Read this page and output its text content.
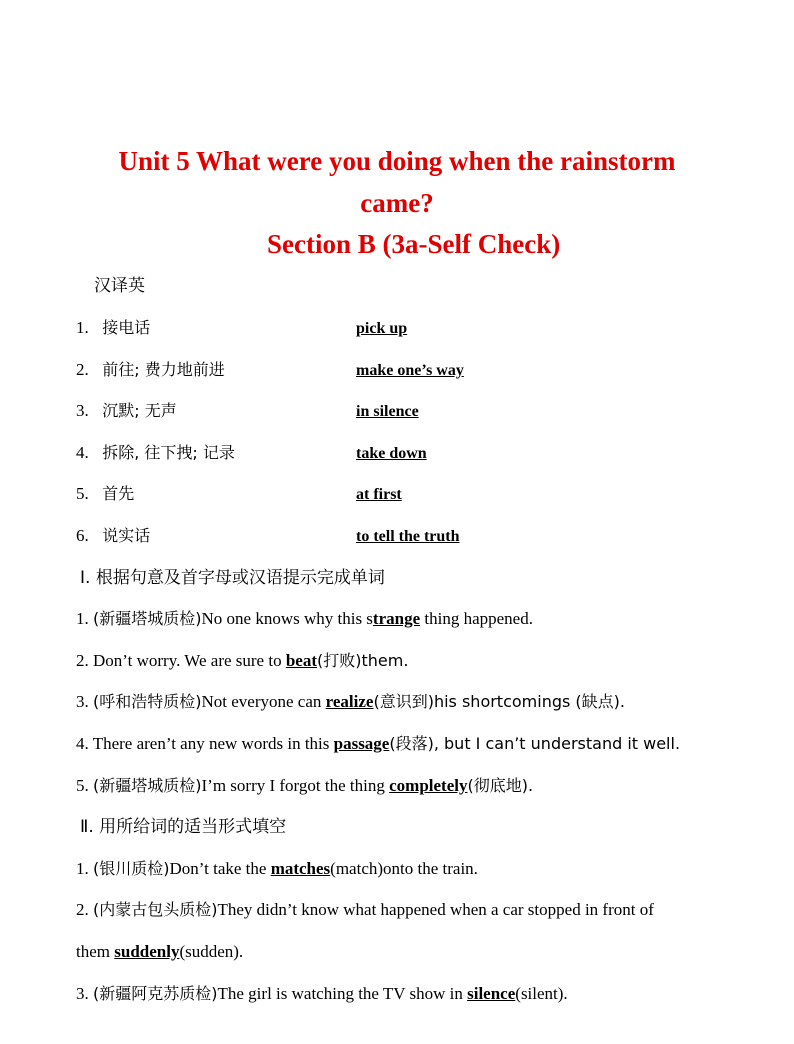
Unit 5 What were you doing when the rainstorm
came?
Section B (3a-Self Check)
汉译英
1. 接电话	pick up
2. 前往; 费力地前进	make one’s way
3. 沉默; 无声	in silence
4. 拆除, 往下拽; 记录	take down
5. 首先	at first
6. 说实话	to tell the truth
Ⅰ. 根据句意及首字母或汉语提示完成单词
1. (新疆塔城质检)No one knows why this strange thing happened.
2. Don’t worry. We are sure to beat(打败)them.
3. (呼和浩特质检)Not everyone can realize(意识到)his shortcomings (缺点).
4. There aren’t any new words in this passage(段落), but I can’t understand it well.
5. (新疆塔城质检)I’m sorry I forgot the thing completely(彻底地).
Ⅱ. 用所给词的适当形式填空
1. (银川质检)Don’t take the matches(match)onto the train.
2. (内蒙古包头质检)They didn’t know what happened when a car stopped in front of
them suddenly(sudden).
3. (新疆阿克苏质检)The girl is watching the TV show in silence(silent).
